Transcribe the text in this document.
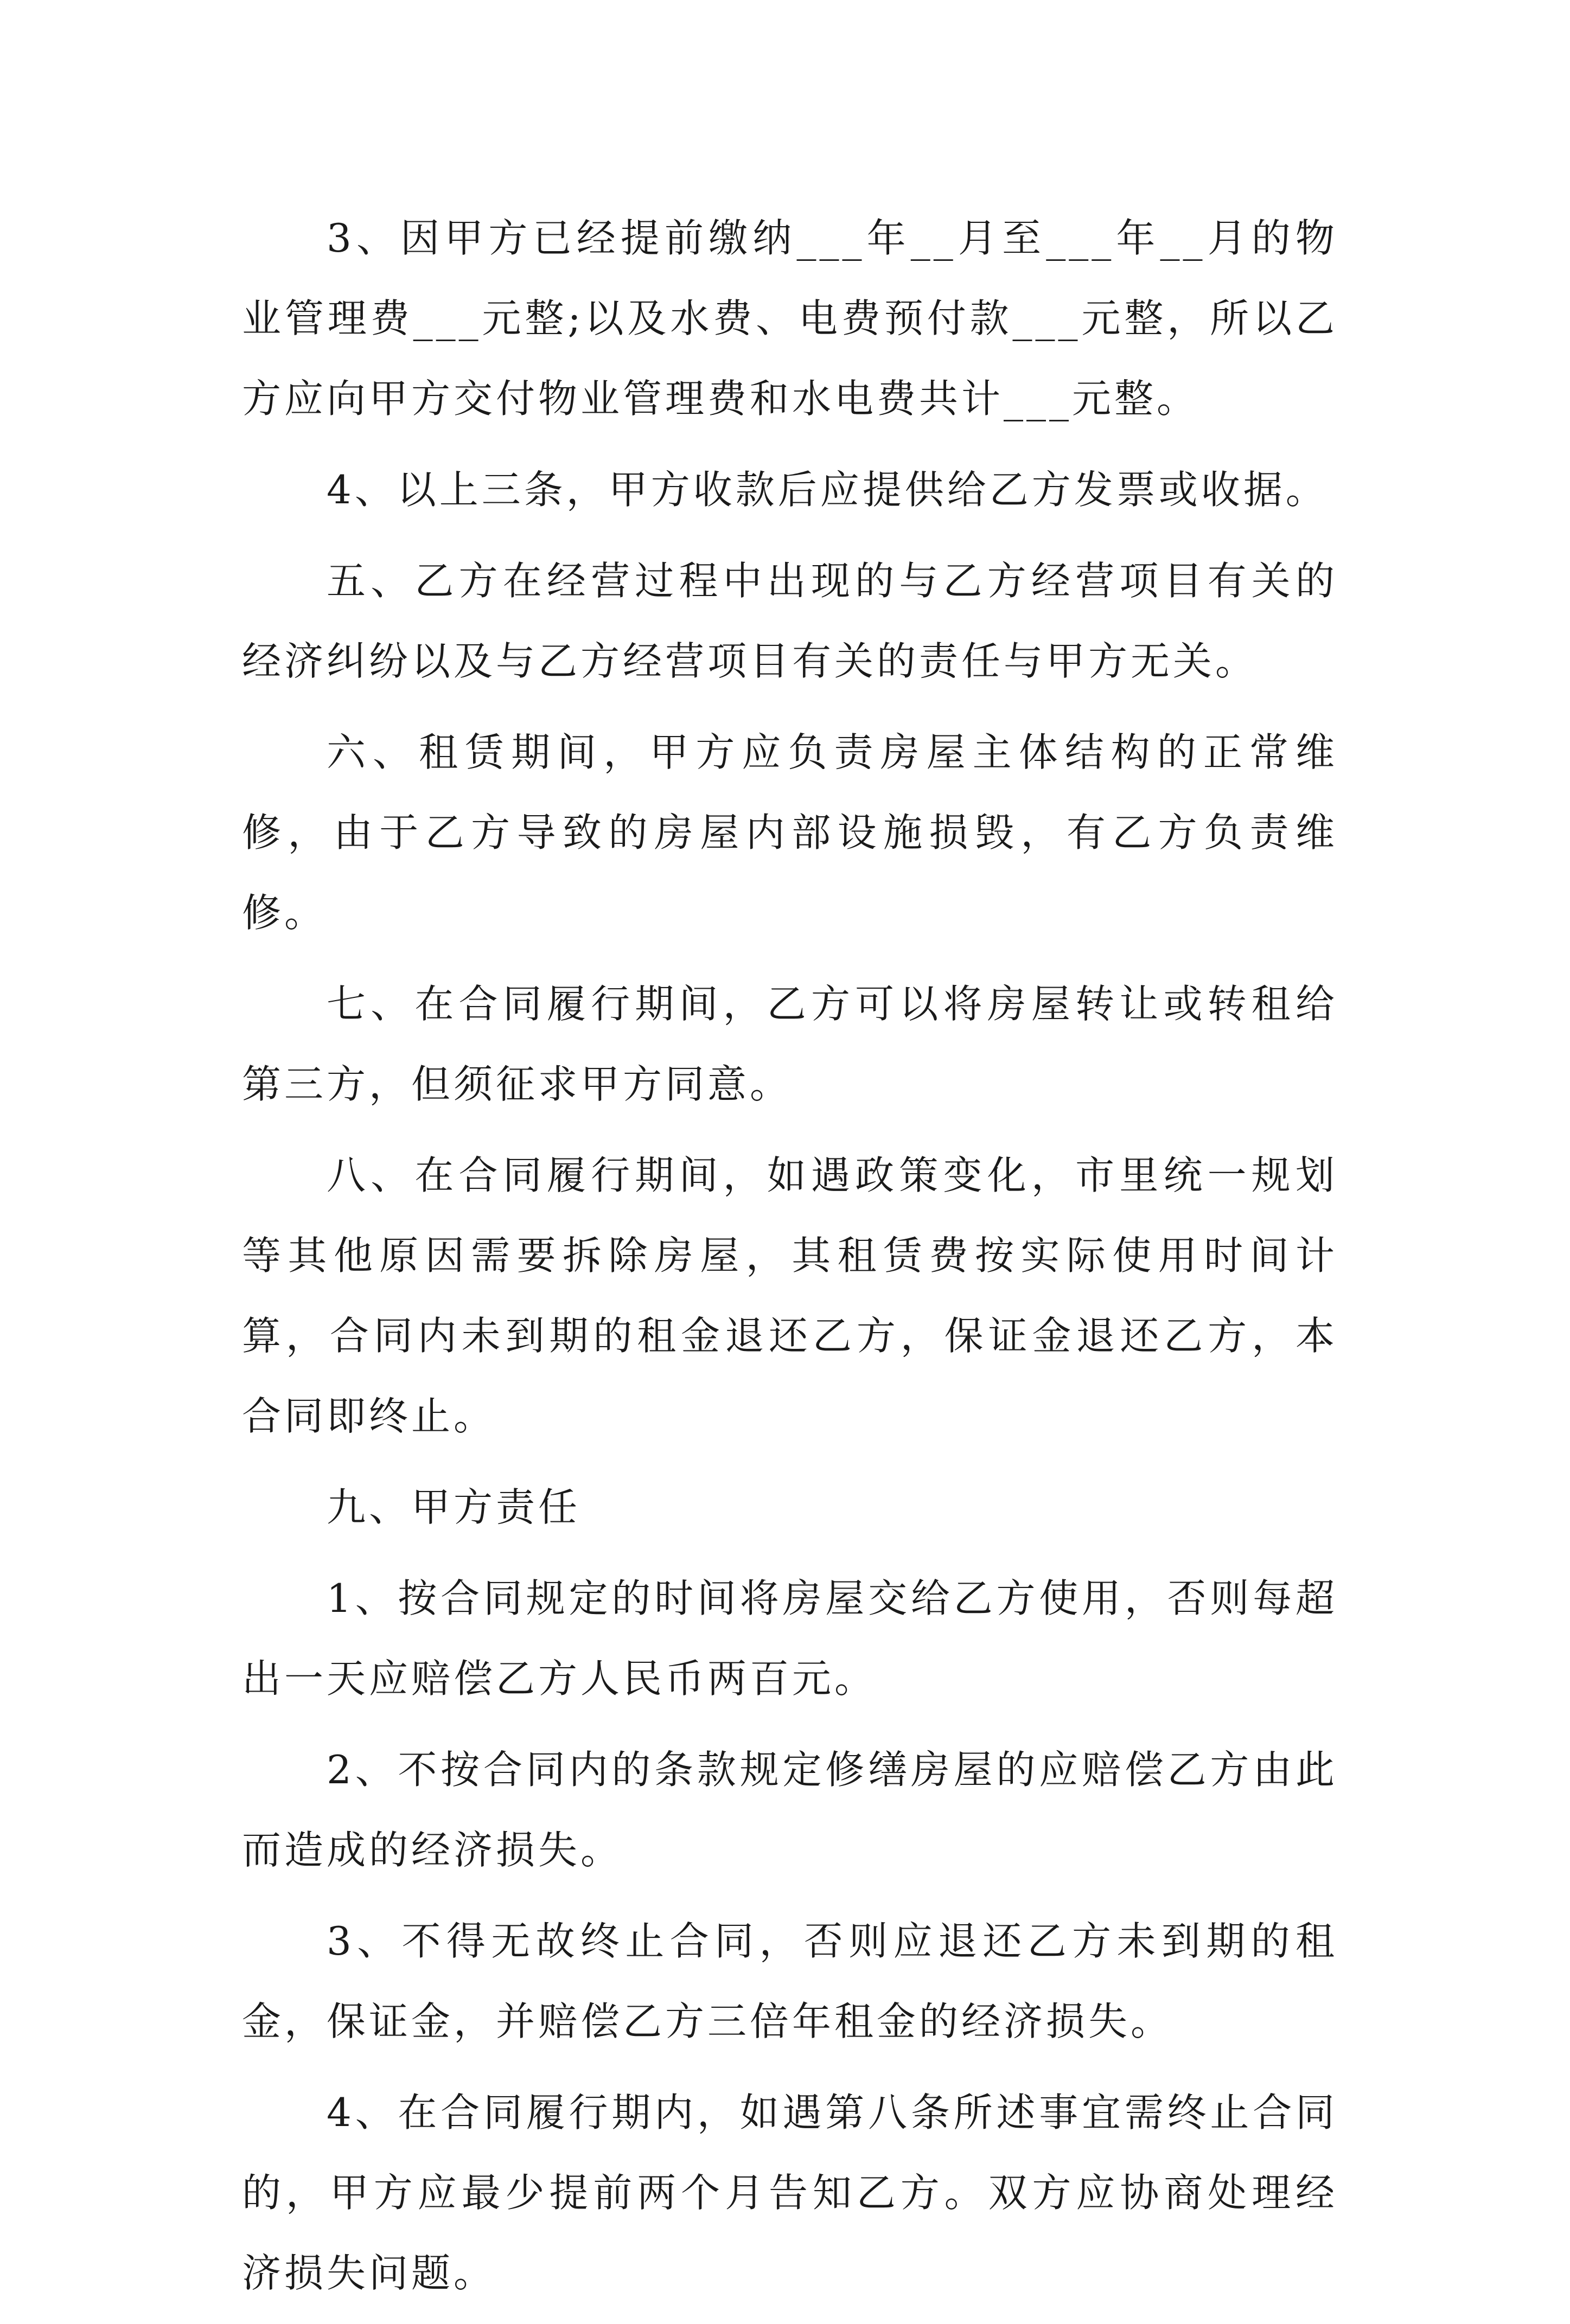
3、因甲方已经提前缴纳___年__月至___年__月的物业管理费___元整;以及水费、电费预付款___元整，所以乙方应向甲方交付物业管理费和水电费共计___元整。

4、以上三条，甲方收款后应提供给乙方发票或收据。

五、乙方在经营过程中出现的与乙方经营项目有关的经济纠纷以及与乙方经营项目有关的责任与甲方无关。

六、租赁期间，甲方应负责房屋主体结构的正常维修，由于乙方导致的房屋内部设施损毁，有乙方负责维修。

七、在合同履行期间，乙方可以将房屋转让或转租给第三方，但须征求甲方同意。

八、在合同履行期间，如遇政策变化，市里统一规划等其他原因需要拆除房屋，其租赁费按实际使用时间计算，合同内未到期的租金退还乙方，保证金退还乙方，本合同即终止。

九、甲方责任

1、按合同规定的时间将房屋交给乙方使用，否则每超出一天应赔偿乙方人民币两百元。

2、不按合同内的条款规定修缮房屋的应赔偿乙方由此而造成的经济损失。

3、不得无故终止合同，否则应退还乙方未到期的租金，保证金，并赔偿乙方三倍年租金的经济损失。

4、在合同履行期内，如遇第八条所述事宜需终止合同的，甲方应最少提前两个月告知乙方。双方应协商处理经济损失问题。
